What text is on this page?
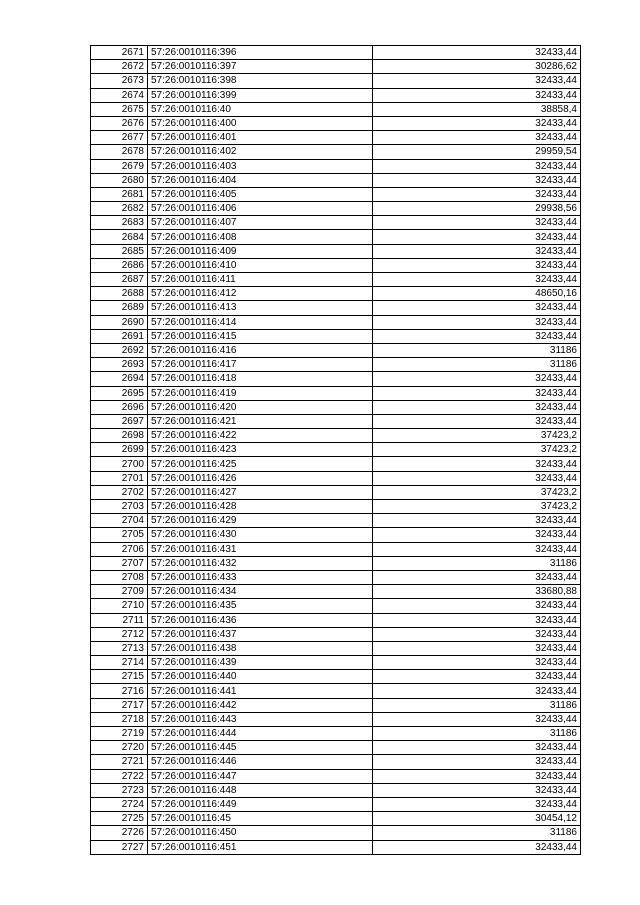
2671	57:26:0010116:396	32433,44
2672	57:26:0010116:397	30286,62
2673	57:26:0010116:398	32433,44
2674	57:26:0010116:399	32433,44
2675	57:26:0010116:40	38858,4
2676	57:26:0010116:400	32433,44
2677	57:26:0010116:401	32433,44
2678	57:26:0010116:402	29959,54
2679	57:26:0010116:403	32433,44
2680	57:26:0010116:404	32433,44
2681	57:26:0010116:405	32433,44
2682	57:26:0010116:406	29938,56
2683	57:26:0010116:407	32433,44
2684	57:26:0010116:408	32433,44
2685	57:26:0010116:409	32433,44
2686	57:26:0010116:410	32433,44
2687	57:26:0010116:411	32433,44
2688	57:26:0010116:412	48650,16
2689	57:26:0010116:413	32433,44
2690	57:26:0010116:414	32433,44
2691	57:26:0010116:415	32433,44
2692	57:26:0010116:416	31186
2693	57:26:0010116:417	31186
2694	57:26:0010116:418	32433,44
2695	57:26:0010116:419	32433,44
2696	57:26:0010116:420	32433,44
2697	57:26:0010116:421	32433,44
2698	57:26:0010116:422	37423,2
2699	57:26:0010116:423	37423,2
2700	57:26:0010116:425	32433,44
2701	57:26:0010116:426	32433,44
2702	57:26:0010116:427	37423,2
2703	57:26:0010116:428	37423,2
2704	57:26:0010116:429	32433,44
2705	57:26:0010116:430	32433,44
2706	57:26:0010116:431	32433,44
2707	57:26:0010116:432	31186
2708	57:26:0010116:433	32433,44
2709	57:26:0010116:434	33680,88
2710	57:26:0010116:435	32433,44
2711	57:26:0010116:436	32433,44
2712	57:26:0010116:437	32433,44
2713	57:26:0010116:438	32433,44
2714	57:26:0010116:439	32433,44
2715	57:26:0010116:440	32433,44
2716	57:26:0010116:441	32433,44
2717	57:26:0010116:442	31186
2718	57:26:0010116:443	32433,44
2719	57:26:0010116:444	31186
2720	57:26:0010116:445	32433,44
2721	57:26:0010116:446	32433,44
2722	57:26:0010116:447	32433,44
2723	57:26:0010116:448	32433,44
2724	57:26:0010116:449	32433,44
2725	57:26:0010116:45	30454,12
2726	57:26:0010116:450	31186
2727	57:26:0010116:451	32433,44
